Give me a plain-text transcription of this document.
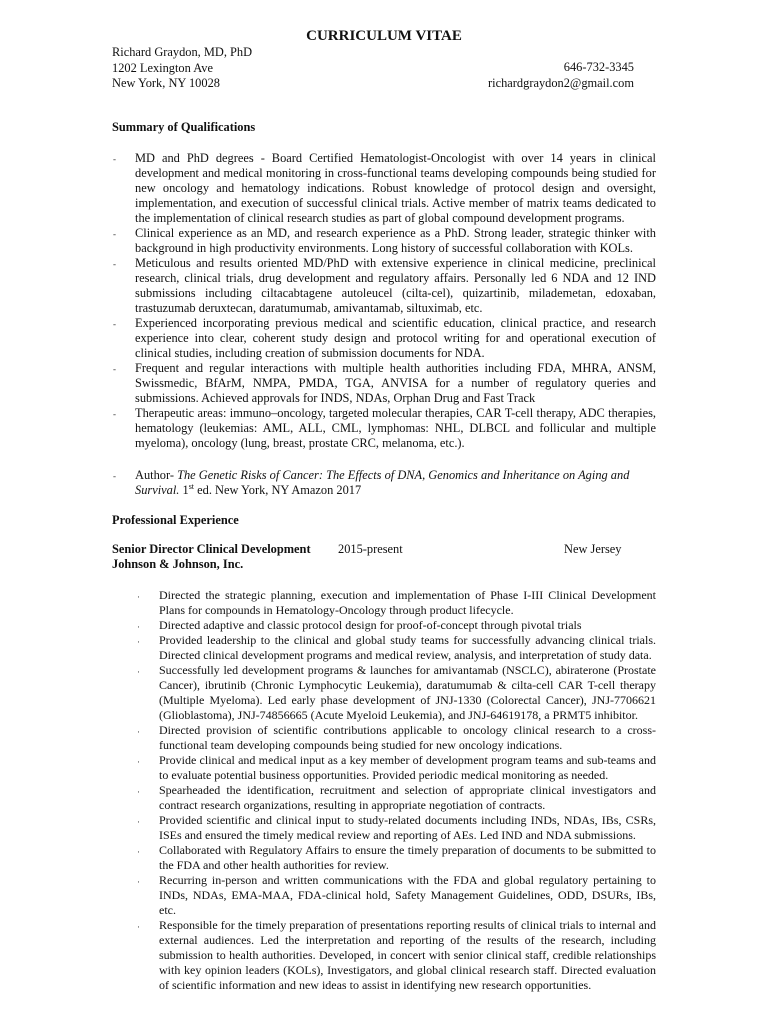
CURRICULUM VITAE
Richard Graydon, MD, PhD
1202 Lexington Ave
New York, NY 10028
646-732-3345
richardgraydon2@gmail.com
Summary of Qualifications
- MD and PhD degrees - Board Certified Hematologist-Oncologist with over 14 years in clinical development and medical monitoring in cross-functional teams developing compounds being studied for new oncology and hematology indications. Robust knowledge of protocol design and oversight, implementation, and execution of successful clinical trials. Active member of matrix teams dedicated to the implementation of clinical research studies as part of global compound development programs.
- Clinical experience as an MD, and research experience as a PhD. Strong leader, strategic thinker with background in high productivity environments. Long history of successful collaboration with KOLs.
- Meticulous and results oriented MD/PhD with extensive experience in clinical medicine, preclinical research, clinical trials, drug development and regulatory affairs. Personally led 6 NDA and 12 IND submissions including ciltacabtagene autoleucel (cilta-cel), quizartinib, milademetan, edoxaban, trastuzumab deruxtecan, daratumumab, amivantamab, siltuximab, etc.
- Experienced incorporating previous medical and scientific education, clinical practice, and research experience into clear, coherent study design and protocol writing for and operational execution of clinical studies, including creation of submission documents for NDA.
- Frequent and regular interactions with multiple health authorities including FDA, MHRA, ANSM, Swissmedic, BfArM, NMPA, PMDA, TGA, ANVISA for a number of regulatory queries and submissions. Achieved approvals for INDS, NDAs, Orphan Drug and Fast Track
- Therapeutic areas: immuno–oncology, targeted molecular therapies, CAR T-cell therapy, ADC therapies, hematology (leukemias: AML, ALL, CML, lymphomas: NHL, DLBCL and follicular and multiple myeloma), oncology (lung, breast, prostate CRC, melanoma, etc.).
- Author- The Genetic Risks of Cancer: The Effects of DNA, Genomics and Inheritance on Aging and Survival. 1st ed. New York, NY Amazon 2017
Professional Experience
Senior Director Clinical Development 2015-present	New Jersey
Johnson & Johnson, Inc.
· Directed the strategic planning, execution and implementation of Phase I-III Clinical Development Plans for compounds in Hematology-Oncology through product lifecycle.
· Directed adaptive and classic protocol design for proof-of-concept through pivotal trials
· Provided leadership to the clinical and global study teams for successfully advancing clinical trials. Directed clinical development programs and medical review, analysis, and interpretation of study data.
· Successfully led development programs & launches for amivantamab (NSCLC), abiraterone (Prostate Cancer), ibrutinib (Chronic Lymphocytic Leukemia), daratumumab & cilta-cell CAR T-cell therapy (Multiple Myeloma). Led early phase development of JNJ-1330 (Colorectal Cancer), JNJ-7706621 (Glioblastoma), JNJ-74856665 (Acute Myeloid Leukemia), and JNJ-64619178, a PRMT5 inhibitor.
· Directed provision of scientific contributions applicable to oncology clinical research to a cross-functional team developing compounds being studied for new oncology indications.
· Provide clinical and medical input as a key member of development program teams and sub-teams and to evaluate potential business opportunities. Provided periodic medical monitoring as needed.
· Spearheaded the identification, recruitment and selection of appropriate clinical investigators and contract research organizations, resulting in appropriate negotiation of contracts.
· Provided scientific and clinical input to study-related documents including INDs, NDAs, IBs, CSRs, ISEs and ensured the timely medical review and reporting of AEs. Led IND and NDA submissions.
· Collaborated with Regulatory Affairs to ensure the timely preparation of documents to be submitted to the FDA and other health authorities for review.
· Recurring in-person and written communications with the FDA and global regulatory pertaining to INDs, NDAs, EMA-MAA, FDA-clinical hold, Safety Management Guidelines, ODD, DSURs, IBs, etc.
· Responsible for the timely preparation of presentations reporting results of clinical trials to internal and external audiences. Led the interpretation and reporting of the results of the research, including submission to health authorities. Developed, in concert with senior clinical staff, credible relationships with key opinion leaders (KOLs), Investigators, and global clinical research staff. Directed evaluation of scientific information and new ideas to assist in identifying new research opportunities.
